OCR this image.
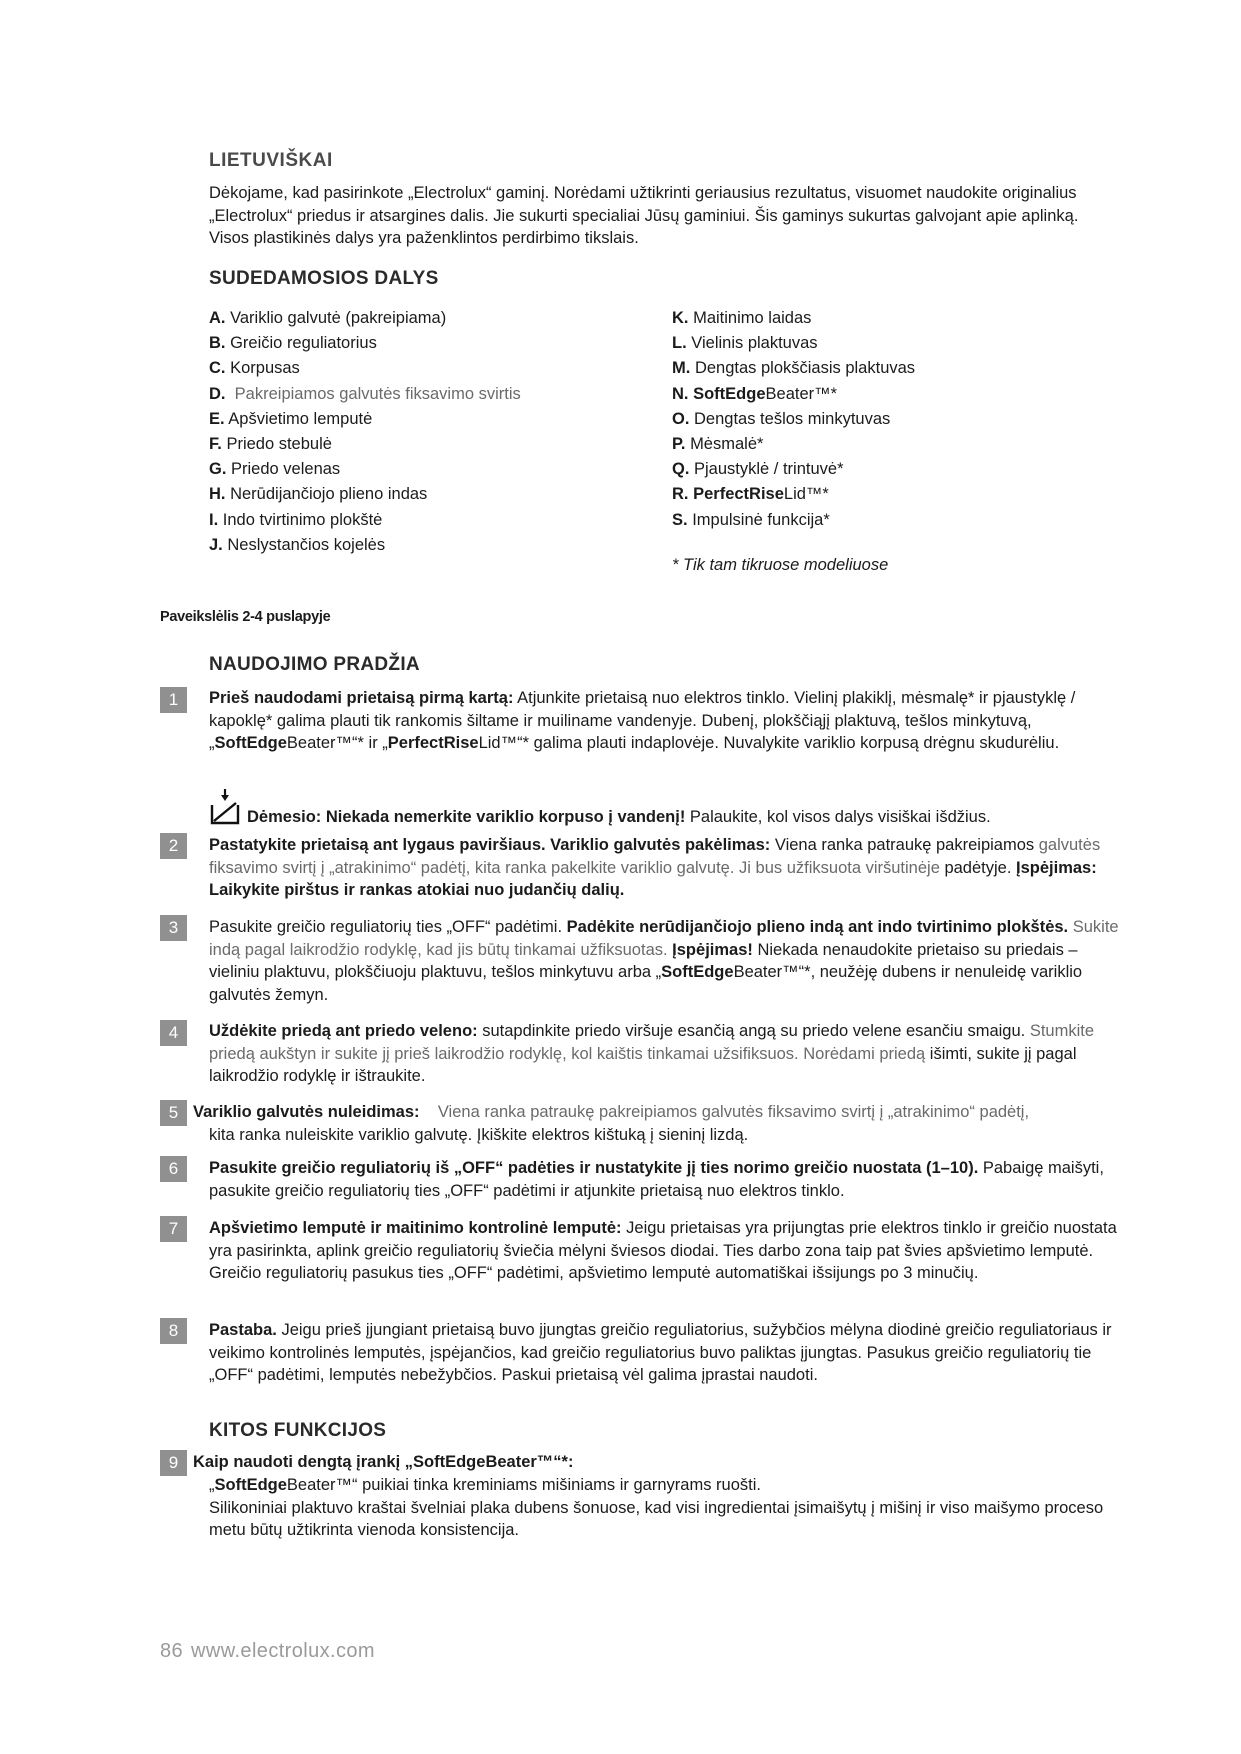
LIETUVIŠKAI

Dėkojame, kad pasirinkote „Electrolux“ gaminį. Norėdami užtikrinti geriausius rezultatus, visuomet naudokite originalius „Electrolux“ priedus ir atsargines dalis. Jie sukurti specialiai Jūsų gaminiui. Šis gaminys sukurtas galvojant apie aplinką. Visos plastikinės dalys yra paženklintos perdirbimo tikslais.

SUDEDAMOSIOS DALYS
A. Variklio galvutė (pakreipiama)
B. Greičio reguliatorius
C. Korpusas
D. Pakreipiamos galvutės fiksavimo svirtis
E. Apšvietimo lemputė
F. Priedo stebulė
G. Priedo velenas
H. Nerūdijančiojo plieno indas
I. Indo tvirtinimo plokštė
J. Neslystančios kojelės
K. Maitinimo laidas
L. Vielinis plaktuvas
M. Dengtas plokščiasis plaktuvas
N. SoftEdgeBeater™*
O. Dengtas tešlos minkytuvas
P. Mėsmalė*
Q. Pjaustyklė / trintuvė*
R. PerfectRiseLid™*
S. Impulsinė funkcija*
* Tik tam tikruose modeliuose
Paveikslėlis 2-4 puslapyje
NAUDOJIMO PRADŽIA
1	Prieš naudodami prietaisą pirmą kartą: Atjunkite prietaisą nuo elektros tinklo. Vielinį plakiklį, mėsmalę* ir pjaustyklę / kapoklę* galima plauti tik rankomis šiltame ir muiliname vandenyje. Dubenį, plokščiąjį plaktuvą, tešlos minkytuvą, „SoftEdgeBeater™“* ir „PerfectRiseLid™“* galima plauti indaplovėje. Nuvalykite variklio korpusą drėgnu skudurėliu.

Dėmesio: Niekada nemerkite variklio korpuso į vandenį! Palaukite, kol visos dalys visiškai išdžius.
2	Pastatykite prietaisą ant lygaus paviršiaus. Variklio galvutės pakėlimas: Viena ranka patraukę pakreipiamos galvutės fiksavimo svirtį į „atrakinimo“ padėtį, kita ranka pakelkite variklio galvutę. Ji bus užfiksuota viršutinėje padėtyje. Įspėjimas: Laikykite pirštus ir rankas atokiai nuo judančių dalių.

3	Pasukite greičio reguliatorių ties „OFF“ padėtimi. Padėkite nerūdijančiojo plieno indą ant indo tvirtinimo plokštės. Sukite indą pagal laikrodžio rodyklę, kad jis būtų tinkamai užfiksuotas. Įspėjimas! Niekada nenaudokite prietaiso su priedais – vieliniu plaktuvu, plokščiuoju plaktuvu, tešlos minkytuvu arba „SoftEdgeBeater™“*, neužėję dubens ir nenuleidę variklio galvutės žemyn.

4	Uždėkite priedą ant priedo veleno: sutapdinkite priedo viršuje esančią angą su priedo velene esančiu smaigu. Stumkite priedą aukštyn ir sukite jį prieš laikrodžio rodyklę, kol kaištis tinkamai užsifiksuos. Norėdami priedą išimti, sukite jį pagal laikrodžio rodyklę ir ištraukite.

5 Variklio galvutės nuleidimas: Viena ranka patraukę pakreipiamos galvutės fiksavimo svirtį į „atrakinimo“ padėtį,
kita ranka nuleiskite variklio galvutę. Įkiškite elektros kištuką į sieninį lizdą.

6	Pasukite greičio reguliatorių iš „OFF“ padėties ir nustatykite jį ties norimo greičio nuostata (1–10). Pabaigę maišyti, pasukite greičio reguliatorių ties „OFF“ padėtimi ir atjunkite prietaisą nuo elektros tinklo.

7	Apšvietimo lemputė ir maitinimo kontrolinė lemputė: Jeigu prietaisas yra prijungtas prie elektros tinklo ir greičio nuostata yra pasirinkta, aplink greičio reguliatorių šviečia mėlyni šviesos diodai. Ties darbo zona taip pat švies apšvietimo lemputė. Greičio reguliatorių pasukus ties „OFF“ padėtimi, apšvietimo lemputė automatiškai išsijungs po 3 minučių.

8	Pastaba. Jeigu prieš įjungiant prietaisą buvo įjungtas greičio reguliatorius, sužybčios mėlyna diodinė greičio reguliatoriaus ir veikimo kontrolinės lemputės, įspėjančios, kad greičio reguliatorius buvo paliktas įjungtas. Pasukus greičio reguliatorių tie „OFF“ padėtimi, lemputės nebežybčios. Paskui prietaisą vėl galima įprastai naudoti.

KITOS FUNKCIJOS
9 Kaip naudoti dengtą įrankį „SoftEdgeBeater™“*:

„SoftEdgeBeater™“ puikiai tinka kreminiams mišiniams ir garnyrams ruošti.
Silikoniniai plaktuvo kraštai švelniai plaka dubens šonuose, kad visi ingredientai įsimaišytų į mišinį ir viso maišymo proceso metu būtų užtikrinta vienoda konsistencija.

86 www.electrolux.com
